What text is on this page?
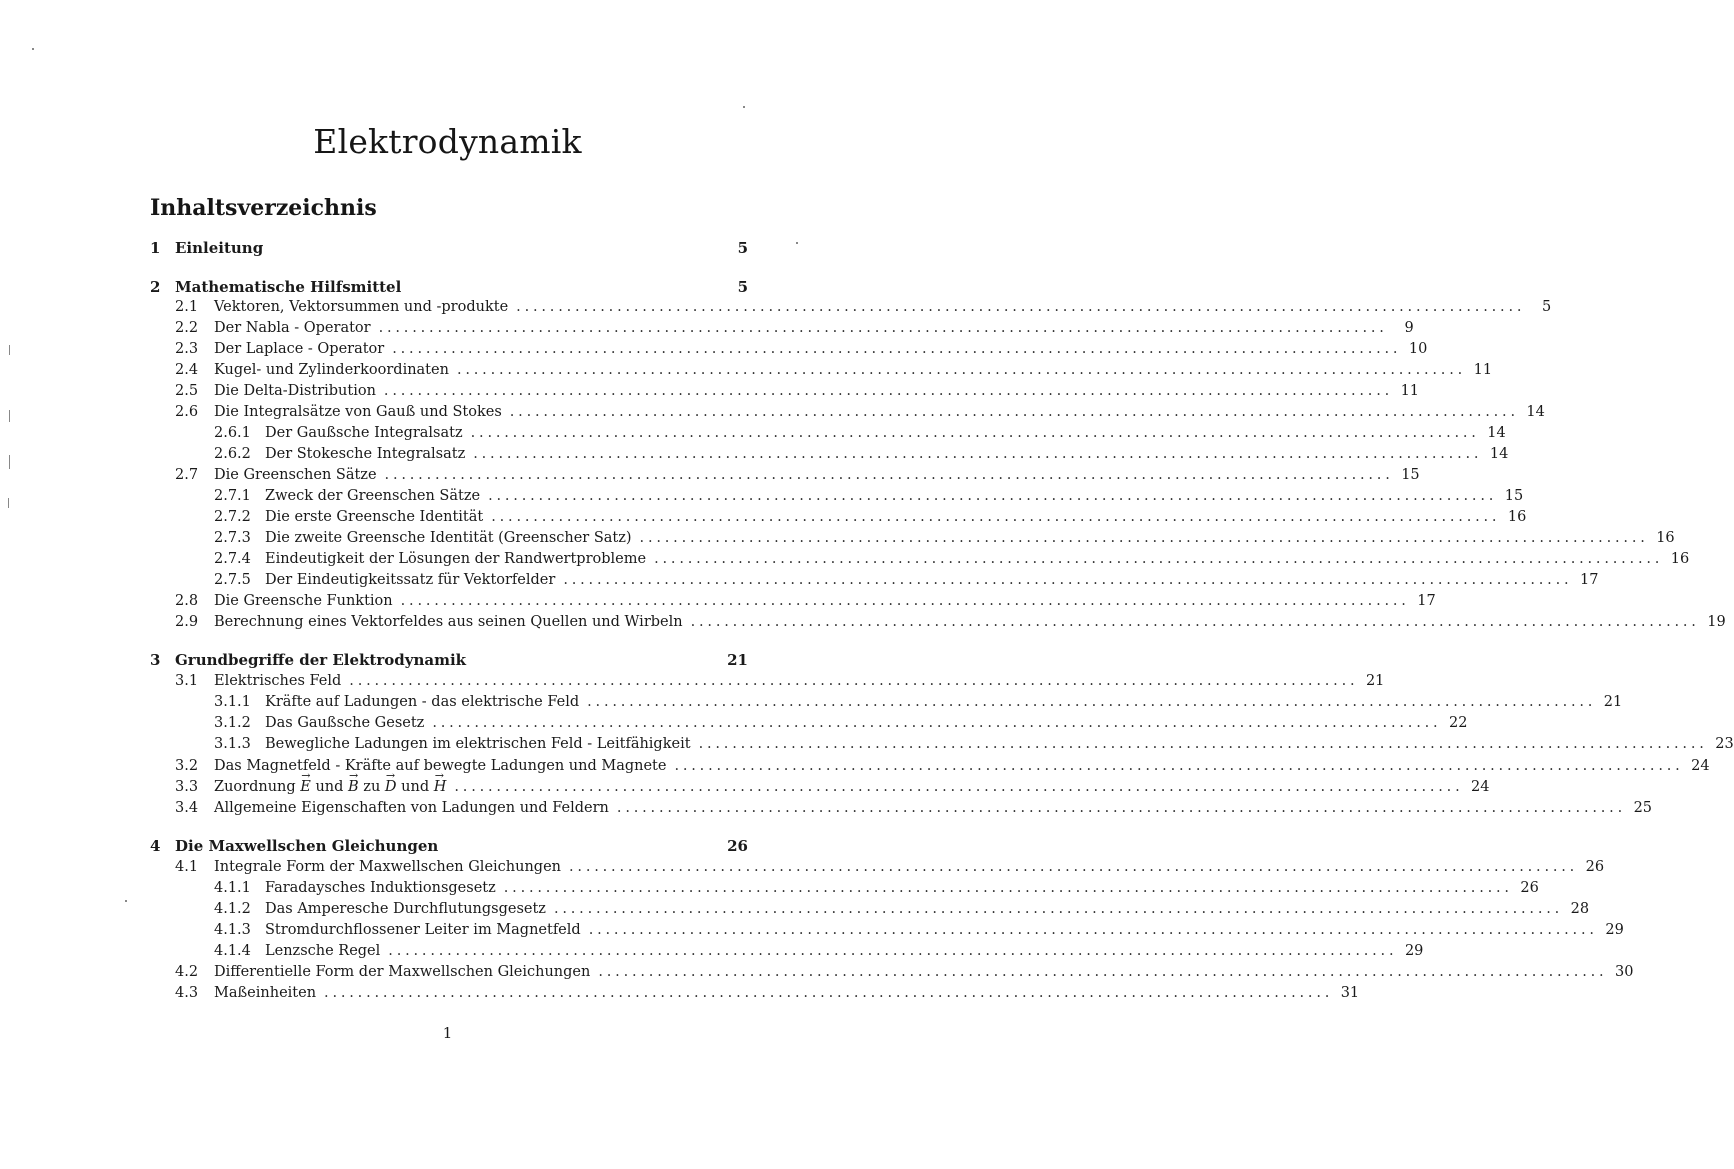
Elektrodynamik
Inhaltsverzeichnis
1 Einleitung	5
2 Mathematische Hilfsmittel	5
2.1	Vektoren, Vektorsummen und -produkte ........................................................................................................................	5
2.2	Der Nabla - Operator ........................................................................................................................	9
2.3	Der Laplace - Operator ........................................................................................................................ 10
2.4	Kugel- und Zylinderkoordinaten ........................................................................................................................ 11
2.5	Die Delta-Distribution ........................................................................................................................ 11
2.6	Die Integralsätze von Gauß und Stokes ........................................................................................................................ 14
2.6.1 Der Gaußsche Integralsatz ........................................................................................................................ 14
2.6.2 Der Stokesche Integralsatz ........................................................................................................................ 14
2.7	Die Greenschen Sätze ........................................................................................................................ 15
2.7.1 Zweck der Greenschen Sätze ........................................................................................................................ 15
2.7.2 Die erste Greensche Identität ........................................................................................................................ 16
2.7.3 Die zweite Greensche Identität (Greenscher Satz) ........................................................................................................................ 16
2.7.4 Eindeutigkeit der Lösungen der Randwertprobleme ........................................................................................................................ 16
2.7.5 Der Eindeutigkeitssatz für Vektorfelder ........................................................................................................................ 17
2.8	Die Greensche Funktion ........................................................................................................................ 17
2.9	Berechnung eines Vektorfeldes aus seinen Quellen und Wirbeln ........................................................................................................................ 19
3 Grundbegriffe der Elektrodynamik	21
3.1	Elektrisches Feld ........................................................................................................................ 21
3.1.1 Kräfte auf Ladungen - das elektrische Feld ........................................................................................................................ 21
3.1.2 Das Gaußsche Gesetz ........................................................................................................................ 22
3.1.3 Bewegliche Ladungen im elektrischen Feld - Leitfähigkeit ........................................................................................................................ 23
3.2	Das Magnetfeld - Kräfte auf bewegte Ladungen und Magnete ........................................................................................................................ 24
3.3	Zuordnung → E und → B zu → D und → H ........................................................................................................................ 24
3.4	Allgemeine Eigenschaften von Ladungen und Feldern ........................................................................................................................ 25
4 Die Maxwellschen Gleichungen	26
4.1	Integrale Form der Maxwellschen Gleichungen ........................................................................................................................ 26
4.1.1 Faradaysches Induktionsgesetz ........................................................................................................................ 26
4.1.2 Das Amperesche Durchflutungsgesetz ........................................................................................................................ 28
4.1.3 Stromdurchflossener Leiter im Magnetfeld ........................................................................................................................ 29
4.1.4 Lenzsche Regel ........................................................................................................................ 29
4.2	Differentielle Form der Maxwellschen Gleichungen ........................................................................................................................ 30
4.3	Maßeinheiten ........................................................................................................................ 31
1
